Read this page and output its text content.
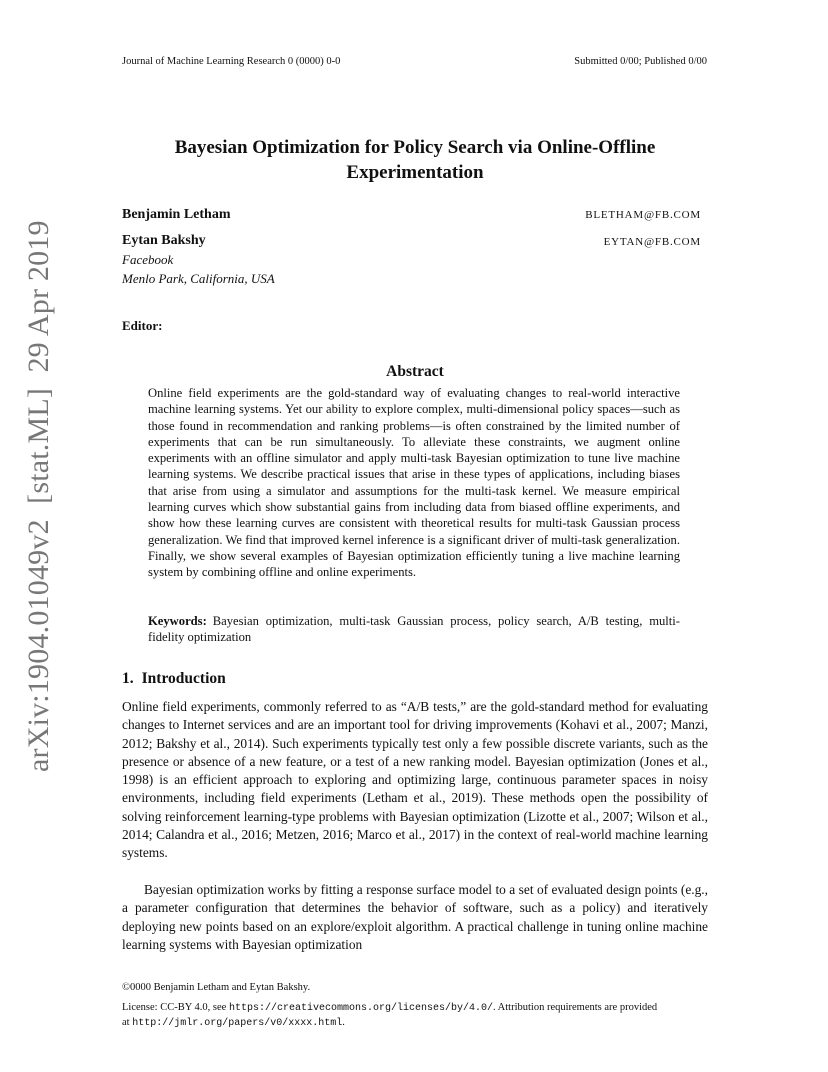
Journal of Machine Learning Research 0 (0000) 0-0	Submitted 0/00; Published 0/00
arXiv:1904.01049v2  [stat.ML]  29 Apr 2019
Bayesian Optimization for Policy Search via Online-Offline Experimentation
Benjamin Letham	BLETHAM@FB.COM
Eytan Bakshy	EYTAN@FB.COM
Facebook
Menlo Park, California, USA
Editor:
Abstract
Online field experiments are the gold-standard way of evaluating changes to real-world interactive machine learning systems. Yet our ability to explore complex, multi-dimensional policy spaces—such as those found in recommendation and ranking problems—is often constrained by the limited number of experiments that can be run simultaneously. To alleviate these constraints, we augment online experiments with an offline simulator and apply multi-task Bayesian optimization to tune live machine learning systems. We describe practical issues that arise in these types of applications, including biases that arise from using a simulator and assumptions for the multi-task kernel. We measure empirical learning curves which show substantial gains from including data from biased offline experiments, and show how these learning curves are consistent with theoretical results for multi-task Gaussian process generalization. We find that improved kernel inference is a significant driver of multi-task generalization. Finally, we show several examples of Bayesian optimization efficiently tuning a live machine learning system by combining offline and online experiments.
Keywords: Bayesian optimization, multi-task Gaussian process, policy search, A/B testing, multi-fidelity optimization
1. Introduction

Online field experiments, commonly referred to as “A/B tests,” are the gold-standard method for evaluating changes to Internet services and are an important tool for driving improvements (Kohavi et al., 2007; Manzi, 2012; Bakshy et al., 2014). Such experiments typically test only a few possible discrete variants, such as the presence or absence of a new feature, or a test of a new ranking model. Bayesian optimization (Jones et al., 1998) is an efficient approach to exploring and optimizing large, continuous parameter spaces in noisy environments, including field experiments (Letham et al., 2019). These methods open the possibility of solving reinforcement learning-type problems with Bayesian optimization (Lizotte et al., 2007; Wilson et al., 2014; Calandra et al., 2016; Metzen, 2016; Marco et al., 2017) in the context of real-world machine learning systems.

Bayesian optimization works by fitting a response surface model to a set of evaluated design points (e.g., a parameter configuration that determines the behavior of software, such as a policy) and iteratively deploying new points based on an explore/exploit algorithm. A practical challenge in tuning online machine learning systems with Bayesian optimization

©0000 Benjamin Letham and Eytan Bakshy.
License: CC-BY 4.0, see https://creativecommons.org/licenses/by/4.0/. Attribution requirements are provided
at http://jmlr.org/papers/v0/xxxx.html.
